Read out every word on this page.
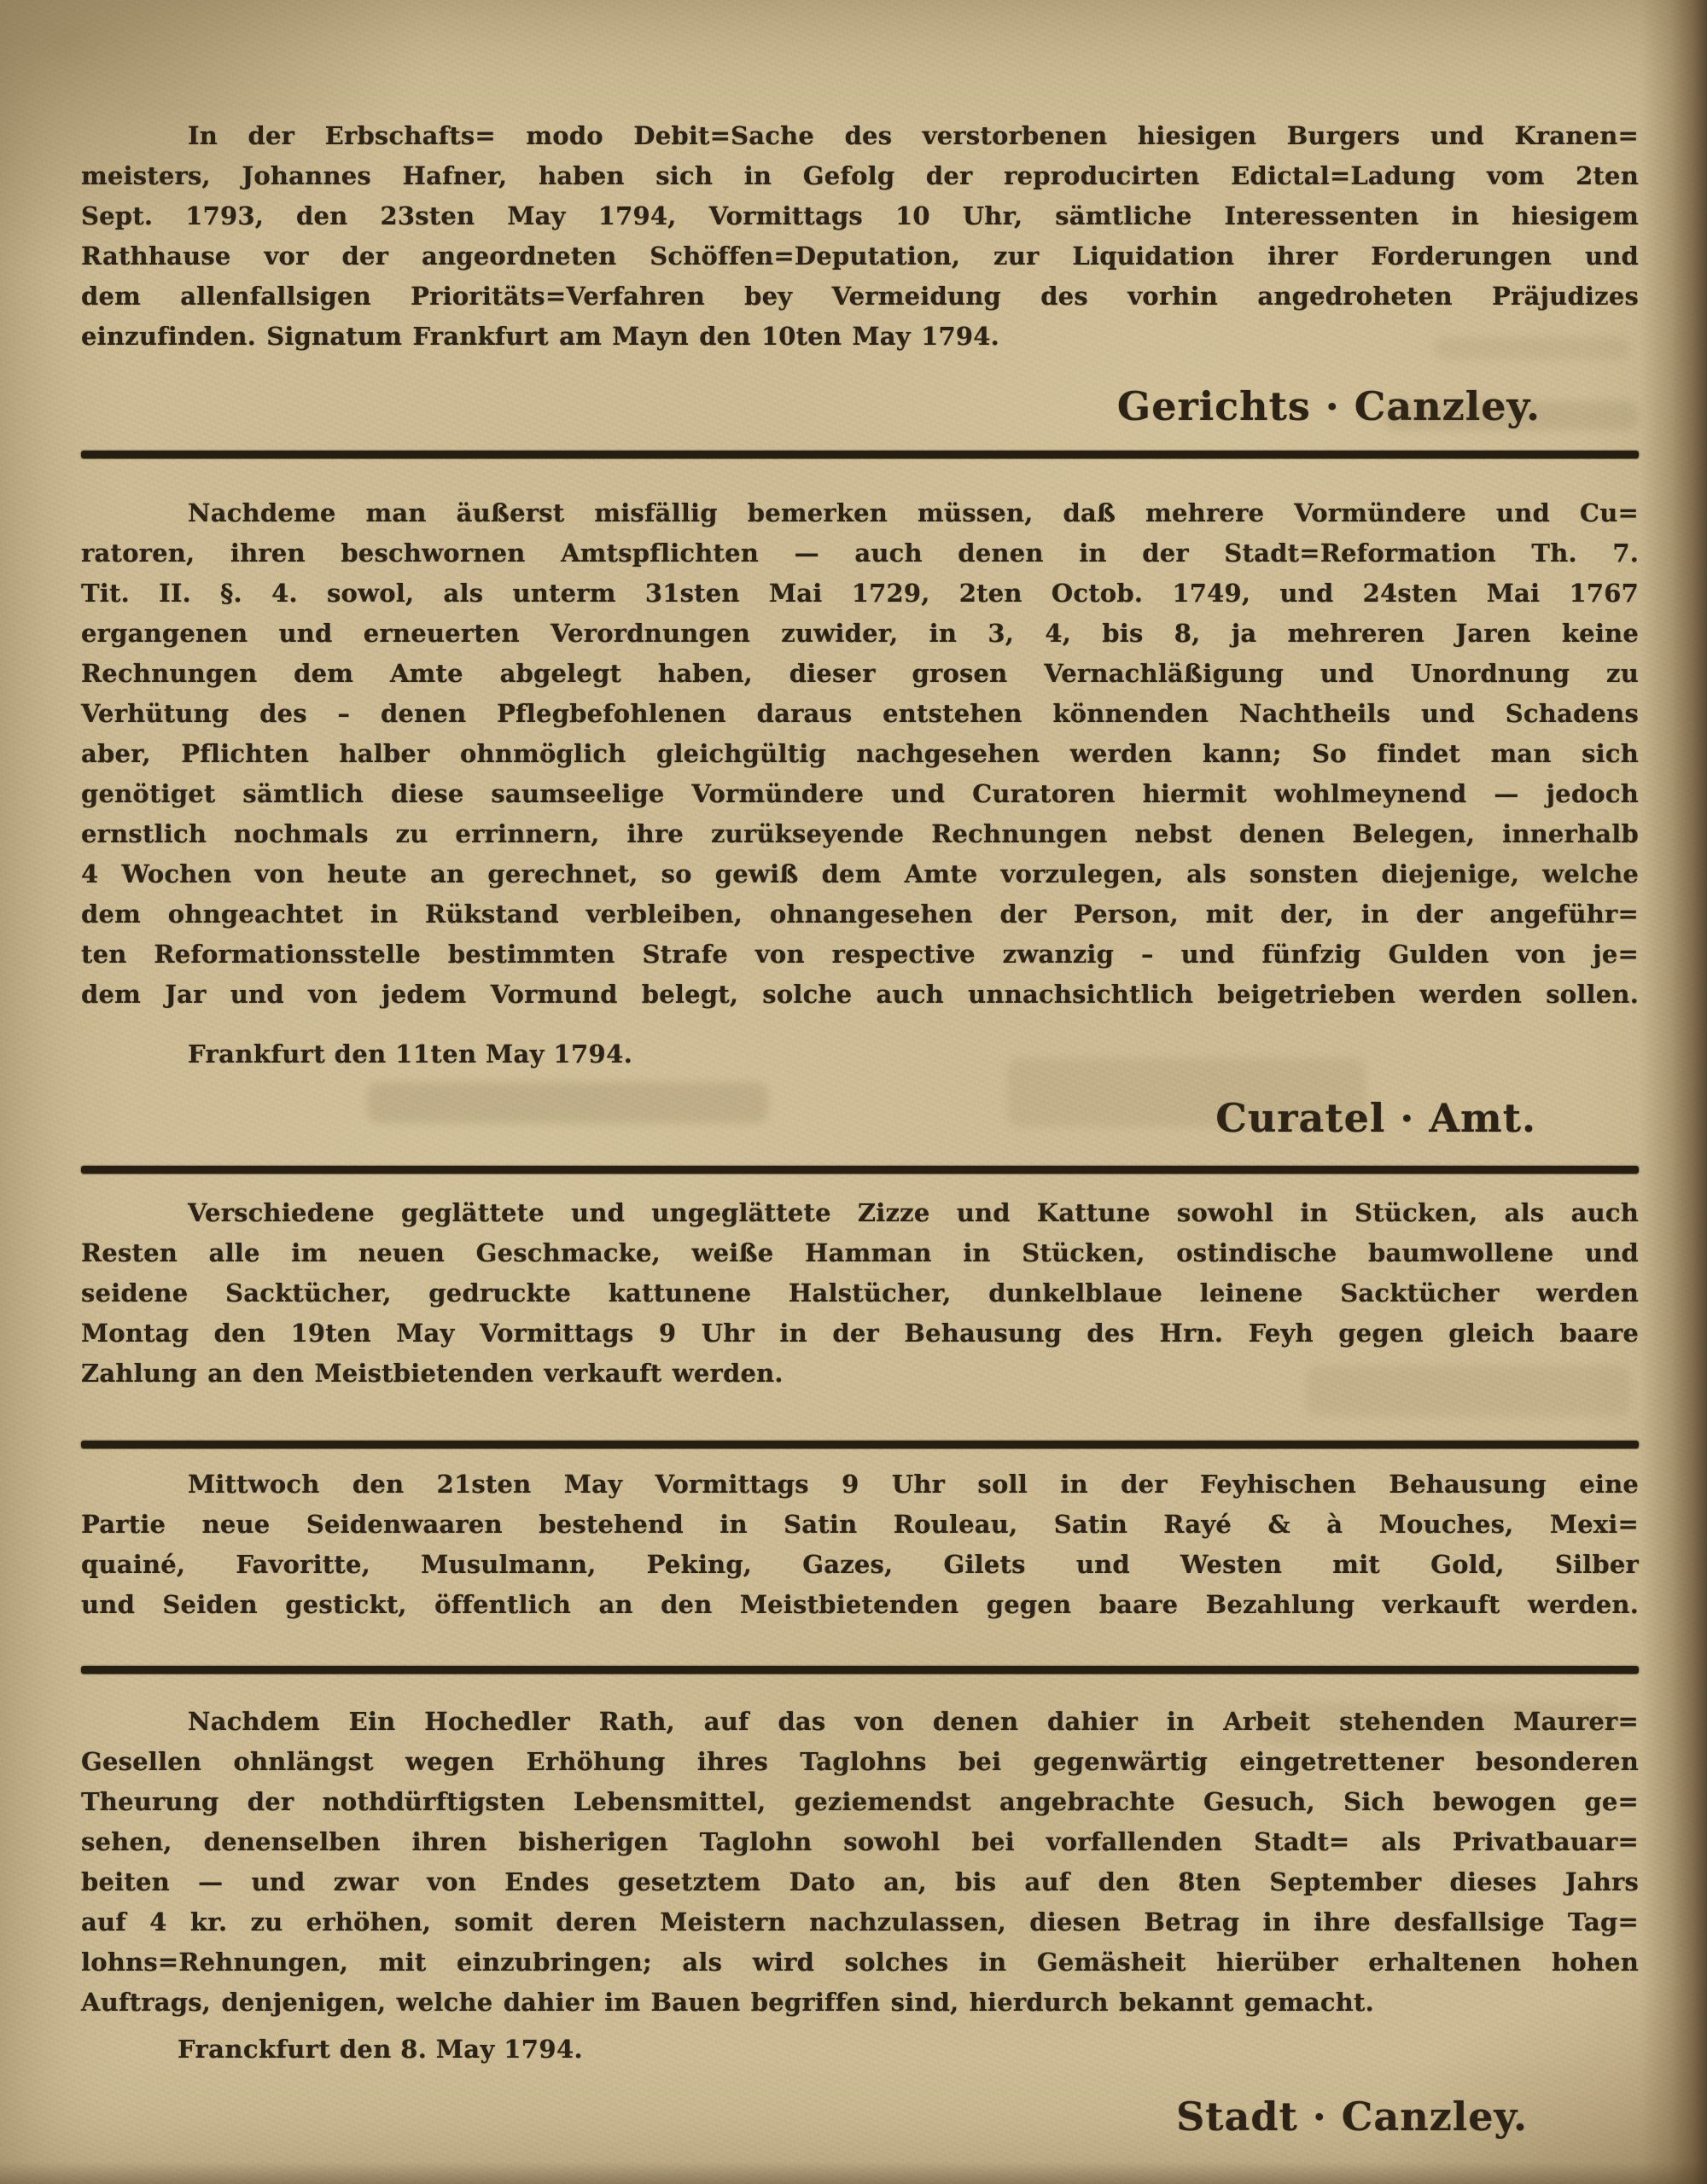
In der Erbschafts= modo Debit=Sache des verstorbenen hiesigen Burgers und Kranen=
meisters, Johannes Hafner, haben sich in Gefolg der reproducirten Edictal=Ladung vom 2ten
Sept. 1793, den 23sten May 1794, Vormittags 10 Uhr, sämtliche Interessenten in hiesigem
Rathhause vor der angeordneten Schöffen=Deputation, zur Liquidation ihrer Forderungen und
dem allenfallsigen Prioritäts=Verfahren bey Vermeidung des vorhin angedroheten Präjudizes
einzufinden. Signatum Frankfurt am Mayn den 10ten May 1794.
Gerichts · Canzley.
Nachdeme man äußerst misfällig bemerken müssen, daß mehrere Vormündere und Cu=
ratoren, ihren beschwornen Amtspflichten — auch denen in der Stadt=Reformation Th. 7.
Tit. II. §. 4. sowol, als unterm 31sten Mai 1729, 2ten Octob. 1749, und 24sten Mai 1767
ergangenen und erneuerten Verordnungen zuwider, in 3, 4, bis 8, ja mehreren Jaren keine
Rechnungen dem Amte abgelegt haben, dieser grosen Vernachläßigung und Unordnung zu
Verhütung des – denen Pflegbefohlenen daraus entstehen könnenden Nachtheils und Schadens
aber, Pflichten halber ohnmöglich gleichgültig nachgesehen werden kann; So findet man sich
genötiget sämtlich diese saumseelige Vormündere und Curatoren hiermit wohlmeynend — jedoch
ernstlich nochmals zu errinnern, ihre zurükseyende Rechnungen nebst denen Belegen, innerhalb
4 Wochen von heute an gerechnet, so gewiß dem Amte vorzulegen, als sonsten diejenige, welche
dem ohngeachtet in Rükstand verbleiben, ohnangesehen der Person, mit der, in der angeführ=
ten Reformationsstelle bestimmten Strafe von respective zwanzig – und fünfzig Gulden von je=
dem Jar und von jedem Vormund belegt, solche auch unnachsichtlich beigetrieben werden sollen.
Frankfurt den 11ten May 1794.
Curatel · Amt.
Verschiedene geglättete und ungeglättete Zizze und Kattune sowohl in Stücken, als auch
Resten alle im neuen Geschmacke, weiße Hamman in Stücken, ostindische baumwollene und
seidene Sacktücher, gedruckte kattunene Halstücher, dunkelblaue leinene Sacktücher werden
Montag den 19ten May Vormittags 9 Uhr in der Behausung des Hrn. Feyh gegen gleich baare
Zahlung an den Meistbietenden verkauft werden.
Mittwoch den 21sten May Vormittags 9 Uhr soll in der Feyhischen Behausung eine
Partie neue Seidenwaaren bestehend in Satin Rouleau, Satin Rayé & à Mouches, Mexi=
quainé, Favoritte, Musulmann, Peking, Gazes, Gilets und Westen mit Gold, Silber
und Seiden gestickt, öffentlich an den Meistbietenden gegen baare Bezahlung verkauft werden.
Nachdem Ein Hochedler Rath, auf das von denen dahier in Arbeit stehenden Maurer=
Gesellen ohnlängst wegen Erhöhung ihres Taglohns bei gegenwärtig eingetrettener besonderen
Theurung der nothdürftigsten Lebensmittel, geziemendst angebrachte Gesuch, Sich bewogen ge=
sehen, denenselben ihren bisherigen Taglohn sowohl bei vorfallenden Stadt= als Privatbauar=
beiten — und zwar von Endes gesetztem Dato an, bis auf den 8ten September dieses Jahrs
auf 4 kr. zu erhöhen, somit deren Meistern nachzulassen, diesen Betrag in ihre desfallsige Tag=
lohns=Rehnungen, mit einzubringen; als wird solches in Gemäsheit hierüber erhaltenen hohen
Auftrags, denjenigen, welche dahier im Bauen begriffen sind, hierdurch bekannt gemacht.
Franckfurt den 8. May 1794.
Stadt · Canzley.
